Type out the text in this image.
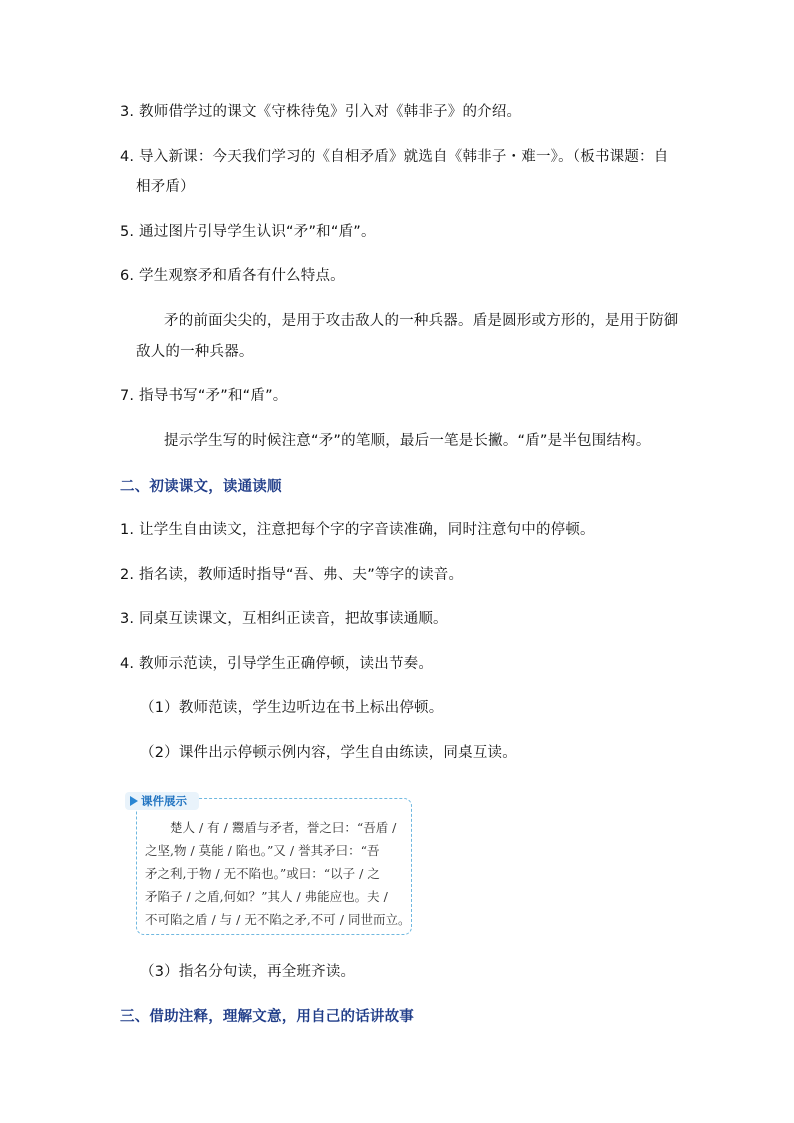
3. 教师借学过的课文《守株待兔》引入对《韩非子》的介绍。
4. 导入新课：今天我们学习的《自相矛盾》就选自《韩非子・难一》。（板书课题：自
相矛盾）
5. 通过图片引导学生认识“矛”和“盾”。
6. 学生观察矛和盾各有什么特点。
矛的前面尖尖的，是用于攻击敌人的一种兵器。盾是圆形或方形的，是用于防御
敌人的一种兵器。
7. 指导书写“矛”和“盾”。
提示学生写的时候注意“矛”的笔顺，最后一笔是长撇。“盾”是半包围结构。
二、初读课文，读通读顺
1. 让学生自由读文，注意把每个字的字音读准确，同时注意句中的停顿。
2. 指名读，教师适时指导“吾、弗、夫”等字的读音。
3. 同桌互读课文，互相纠正读音，把故事读通顺。
4. 教师示范读，引导学生正确停顿，读出节奏。
（1）教师范读，学生边听边在书上标出停顿。
（2）课件出示停顿示例内容，学生自由练读，同桌互读。
课件展示
　　楚人 / 有 / 鬻盾与矛者，誉之曰：“吾盾 /
之坚,物 / 莫能 / 陷也。”又 / 誉其矛曰：“吾
矛之利,于物 / 无不陷也。”或曰：“以子 / 之
矛陷子 / 之盾,何如？”其人 / 弗能应也。夫 /
不可陷之盾 / 与 / 无不陷之矛,不可 / 同世而立。
（3）指名分句读，再全班齐读。
三、借助注释，理解文意，用自己的话讲故事
